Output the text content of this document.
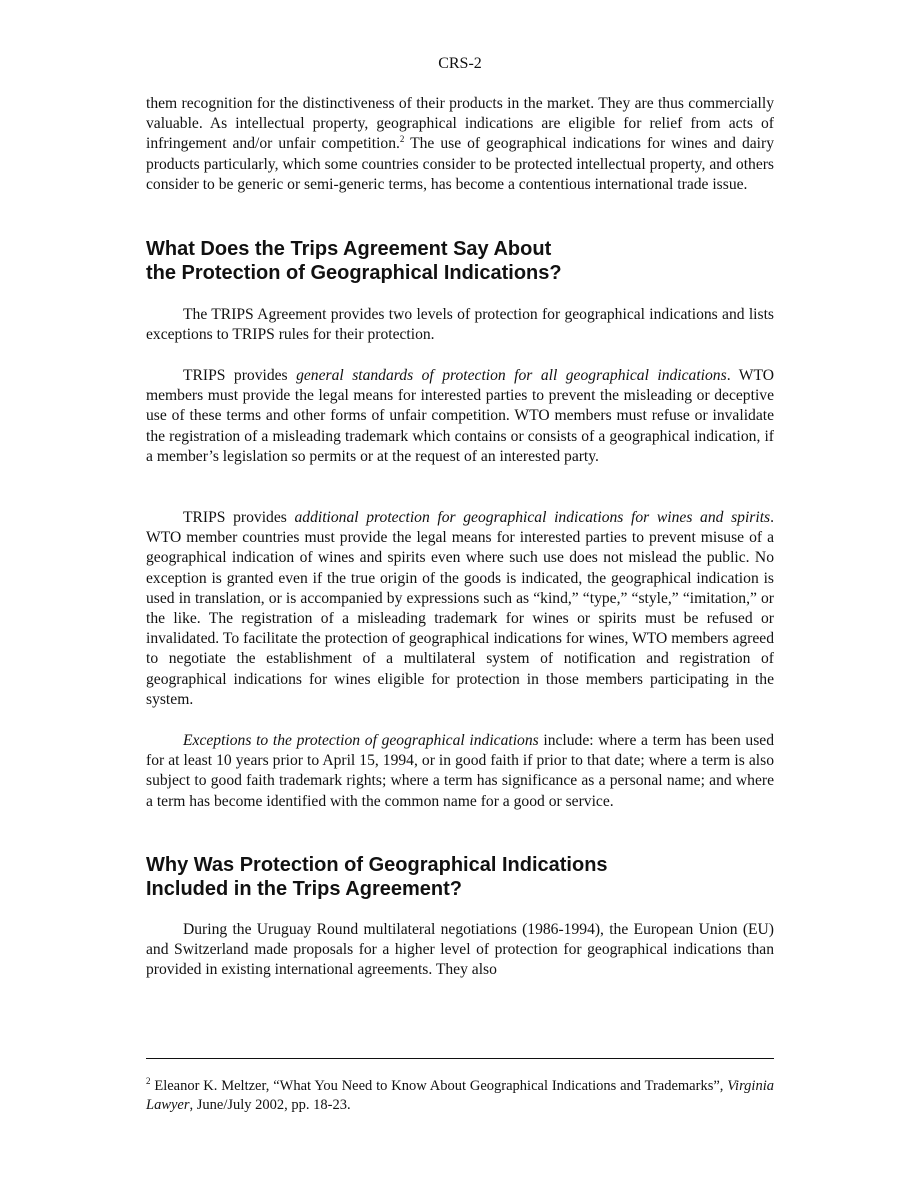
CRS-2

them recognition for the distinctiveness of their products in the market. They are thus commercially valuable. As intellectual property, geographical indications are eligible for relief from acts of infringement and/or unfair competition.$^2$ The use of geographical indications for wines and dairy products particularly, which some countries consider to be protected intellectual property, and others consider to be generic or semi-generic terms, has become a contentious international trade issue.

What Does the Trips Agreement Say About
the Protection of Geographical Indications?

The TRIPS Agreement provides two levels of protection for geographical indications and lists exceptions to TRIPS rules for their protection.

TRIPS provides general standards of protection for all geographical indications. WTO members must provide the legal means for interested parties to prevent the misleading or deceptive use of these terms and other forms of unfair competition. WTO members must refuse or invalidate the registration of a misleading trademark which contains or consists of a geographical indication, if a member’s legislation so permits or at the request of an interested party.

TRIPS provides additional protection for geographical indications for wines and spirits. WTO member countries must provide the legal means for interested parties to prevent misuse of a geographical indication of wines and spirits even where such use does not mislead the public. No exception is granted even if the true origin of the goods is indicated, the geographical indication is used in translation, or is accompanied by expressions such as “kind,” “type,” “style,” “imitation,” or the like. The registration of a misleading trademark for wines or spirits must be refused or invalidated. To facilitate the protection of geographical indications for wines, WTO members agreed to negotiate the establishment of a multilateral system of notification and registration of geographical indications for wines eligible for protection in those members participating in the system.

Exceptions to the protection of geographical indications include: where a term has been used for at least 10 years prior to April 15, 1994, or in good faith if prior to that date; where a term is also subject to good faith trademark rights; where a term has significance as a personal name; and where a term has become identified with the common name for a good or service.

Why Was Protection of Geographical Indications
Included in the Trips Agreement?

During the Uruguay Round multilateral negotiations (1986-1994), the European Union (EU) and Switzerland made proposals for a higher level of protection for geographical indications than provided in existing international agreements. They also

$^2$ Eleanor K. Meltzer, “What You Need to Know About Geographical Indications and Trademarks”, Virginia Lawyer, June/July 2002, pp. 18-23.
